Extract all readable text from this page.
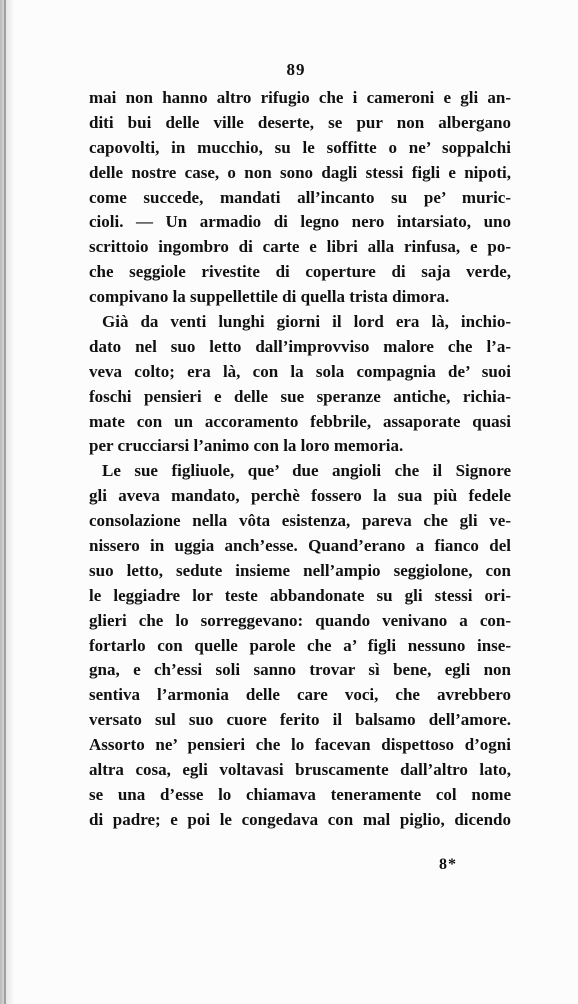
89
mai non hanno altro rifugio che i cameroni e gli an-
diti bui delle ville deserte, se pur non albergano
capovolti, in mucchio, su le soffitte o ne’ soppalchi
delle nostre case, o non sono dagli stessi figli e nipoti,
come succede, mandati all’incanto su pe’ muric-
cioli. — Un armadio di legno nero intarsiato, uno
scrittoio ingombro di carte e libri alla rinfusa, e po-
che seggiole rivestite di coperture di saja verde,
compivano la suppellettile di quella trista dimora.
Già da venti lunghi giorni il lord era là, inchio-
dato nel suo letto dall’improvviso malore che l’a-
veva colto; era là, con la sola compagnia de’ suoi
foschi pensieri e delle sue speranze antiche, richia-
mate con un accoramento febbrile, assaporate quasi
per crucciarsi l’animo con la loro memoria.
Le sue figliuole, que’ due angioli che il Signore
gli aveva mandato, perchè fossero la sua più fedele
consolazione nella vôta esistenza, pareva che gli ve-
nissero in uggia anch’esse. Quand’erano a fianco del
suo letto, sedute insieme nell’ampio seggiolone, con
le leggiadre lor teste abbandonate su gli stessi ori-
glieri che lo sorreggevano: quando venivano a con-
fortarlo con quelle parole che a’ figli nessuno inse-
gna, e ch’essi soli sanno trovar sì bene, egli non
sentiva l’armonia delle care voci, che avrebbero
versato sul suo cuore ferito il balsamo dell’amore.
Assorto ne’ pensieri che lo facevan dispettoso d’ogni
altra cosa, egli voltavasi bruscamente dall’altro lato,
se una d’esse lo chiamava teneramente col nome
di padre; e poi le congedava con mal piglio, dicendo
8*
